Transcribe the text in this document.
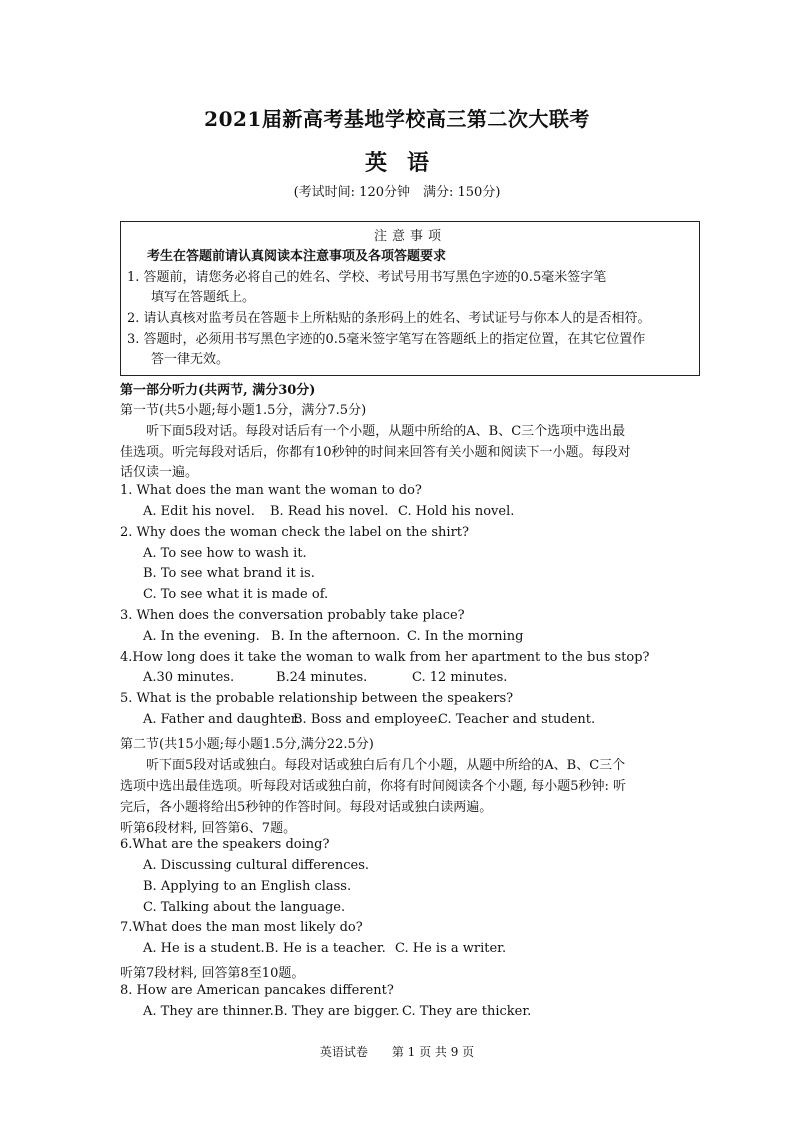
2021届新高考基地学校高三第二次大联考
英语
(考试时间: 120分钟　满分: 150分)
注意事项
考生在答题前请认真阅读本注意事项及各项答题要求
1. 答题前，请您务必将自己的姓名、学校、考试号用书写黑色字迹的0.5毫米签字笔
填写在答题纸上。
2. 请认真核对监考员在答题卡上所粘贴的条形码上的姓名、考试证号与你本人的是否相符。
3. 答题时，必须用书写黑色字迹的0.5毫米签字笔写在答题纸上的指定位置，在其它位置作
答一律无效。
第一部分听力(共两节, 满分30分)
第一节(共5小题;每小题1.5分，满分7.5分)
听下面5段对话。每段对话后有一个小题，从题中所给的A、B、C三个选项中选出最
佳选项。听完每段对话后，你都有10秒钟的时间来回答有关小题和阅读下一小题。每段对
话仅读一遍。
1. What does the man want the woman to do?
A. Edit his novel. B. Read his novel. C. Hold his novel.
2. Why does the woman check the label on the shirt?
A. To see how to wash it.
B. To see what brand it is.
C. To see what it is made of.
3. When does the conversation probably take place?
A. In the evening. B. In the afternoon. C. In the morning
4.How long does it take the woman to walk from her apartment to the bus stop?
A.30 minutes.	B.24 minutes.	C. 12 minutes.
5. What is the probable relationship between the speakers?
A. Father and daughter.
B. Boss and employee.
C. Teacher and student.
第二节(共15小题;每小题1.5分,满分22.5分)
听下面5段对话或独白。每段对话或独白后有几个小题，从题中所给的A、B、C三个
选项中选出最佳选项。听每段对话或独白前，你将有时间阅读各个小题, 每小题5秒钟: 听
完后，各小题将给出5秒钟的作答时间。每段对话或独白读两遍。
听第6段材料, 回答第6、7题。
6.What are the speakers doing?
A. Discussing cultural differences.
B. Applying to an English class.
C. Talking about the language.
7.What does the man most likely do?
A. He is a student. B. He is a teacher. C. He is a writer.
听第7段材料, 回答第8至10题。
8. How are American pancakes different?
A. They are thinner. B. They are bigger. C. They are thicker.
英语试卷　　第 1 页 共 9 页
